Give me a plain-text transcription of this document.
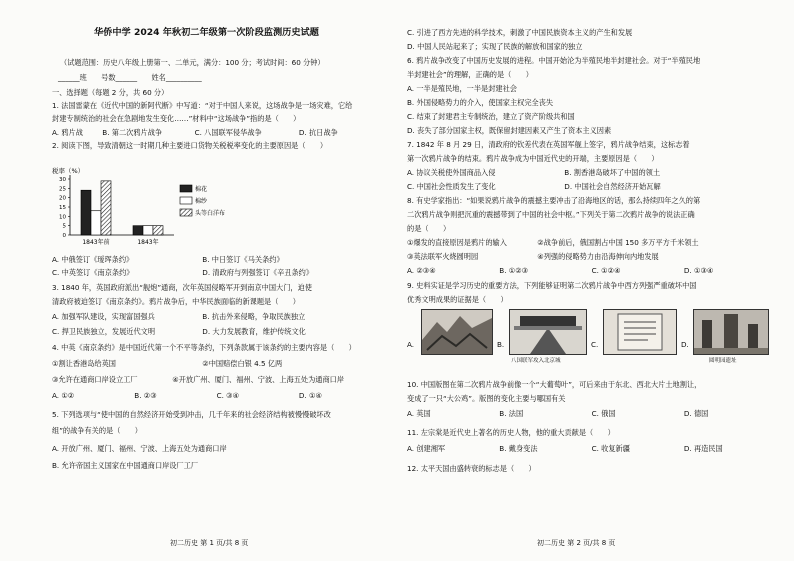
华侨中学 2024 年秋初二年级第一次阶段监测历史试题
（试题范围：历史八年级上册第一、二单元，满分：100 分；考试时间：60 分钟）
______班　　号数______　　姓名__________
一、选择题（每题 2 分，共 60 分）
1. 法国雷蒙在《近代中国的新阿代断》中写道：“对于中国人来说，这场战争是一场灾难，它给
封建专制统治的社会在急剧地发生变化……”材料中“这场战争”指的是（　　）
A. 鸦片战	B. 第二次鸦片战争	C. 八国联军侵华战争	D. 抗日战争
2. 阅读下图，导致清朝这一时期几种主要进口货物关税税率变化的主要原因是（　　）
税率（%）
0
5
10
15
20
25
30
1843年前	1843年
棉花
棉纱
头等白洋布
A. 中俄签订《瑷珲条约》	B. 中日签订《马关条约》
C. 中英签订《南京条约》	D. 清政府与列强签订《辛丑条约》
3. 1840 年，英国政府派出“舰炮”通商，次年英国侵略军开到南京中国大门，迫使
清政府被迫签订《南京条约》。鸦片战争后，中华民族面临的新课题是（　　）
A. 加强军队建设，实现富国强兵	B. 抗击外来侵略，争取民族独立
C. 捍卫民族独立，发展近代文明	D. 大力发展教育，维护传统文化
4. 中英《南京条约》是中国近代第一个不平等条约，下列条款属于该条约的主要内容是（　　）
①割让香港岛给英国	②中国赔偿白银 4.5 亿两
③允许在通商口岸设立工厂	④开放广州、厦门、福州、宁波、上海五处为通商口岸
A. ①②	B. ②③	C. ③④	D. ①④
5. 下列选项与“使中国的自然经济开始受到冲击，几千年来的社会经济结构被慢慢破坏改
组”的战争有关的是（　　）
A. 开放广州、厦门、福州、宁波、上海五处为通商口岸
B. 允许帝国主义国家在中国通商口岸设厂工厂
初二历史 第 1 页/共 8 页
C. 引进了西方先进的科学技术，刺激了中国民族资本主义的产生和发展
D. 中国人民站起来了；实现了民族的解放和国家的独立
6. 鸦片战争改变了中国历史发展的进程。中国开始沦为半殖民地半封建社会。对于“半殖民地
半封建社会”的理解，正确的是（　　）
A. 一半是殖民地，一半是封建社会
B. 外国侵略势力的介入，使国家主权完全丧失
C. 结束了封建君主专制统治，建立了资产阶级共和国
D. 丧失了部分国家主权，既保留封建因素又产生了资本主义因素
7. 1842 年 8 月 29 日，清政府的钦差代表在英国军舰上签字，鸦片战争结束，这标志着
第一次鸦片战争的结束。鸦片战争成为中国近代史的开端，主要原因是（　　）
A. 协议关税使外国商品入侵	B. 割香港岛破坏了中国的领土
C. 中国社会性质发生了变化	D. 中国社会自然经济开始瓦解
8. 有史学家指出：“如果说鸦片战争的震撼主要冲击了沿海地区的话，那么持续四年之久的第
二次鸦片战争则把沉重的震撼带到了中国的社会中枢。”下列关于第二次鸦片战争的说法正确
的是（　　）
①爆发的直接原因是鸦片的输入	②战争前后，俄国割占中国 150 多万平方千米领土
③英法联军火烧圆明园	④列强的侵略势力由沿海伸向内地发展
A. ②③④	B. ①②③	C. ①②④	D. ①③④
9. 史料实证是学习历史的重要方法，下列能够证明第二次鸦片战争中西方列强严重破坏中国
优秀文明成果的证据是（　　）
A.	B.
八国联军攻入北京城
C.	D.
圆明园遗址
10. 中国版图在第二次鸦片战争前像一个“大葡萄叶”，可后来由于东北、西北大片土地割让，
变成了一只“大公鸡”。版图的变化主要与哪国有关
A. 英国	B. 法国	C. 俄国	D. 德国
11. 左宗棠是近代史上著名的历史人物，他的重大贡献是（　　）
A. 创建湘军	B. 戴身变法	C. 收复新疆	D. 再造民国
12. 太平天国由盛转衰的标志是（　　）
初二历史 第 2 页/共 8 页
